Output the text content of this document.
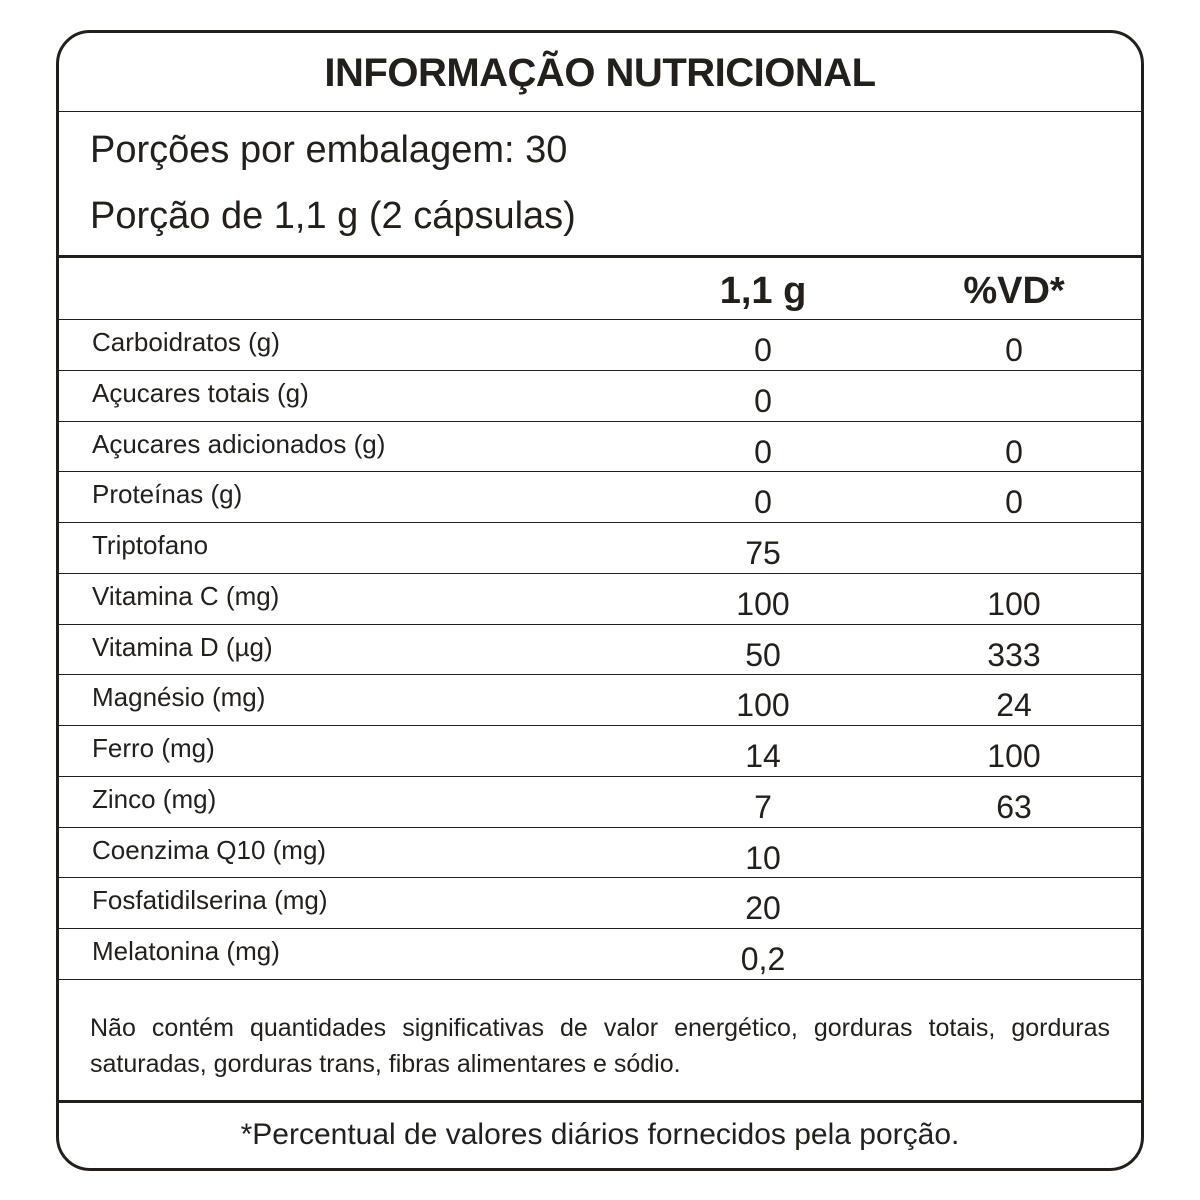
INFORMAÇÃO NUTRICIONAL
Porções por embalagem: 30
Porção de 1,1 g (2 cápsulas)
1,1 g	%VD*
Carboidratos (g)	0	0
Açucares totais (g)	0
Açucares adicionados (g)	0	0
Proteínas (g)	0	0
Triptofano	75
Vitamina C (mg)	100	100
Vitamina D (µg)	50	333
Magnésio (mg)	100	24
Ferro (mg)	14	100
Zinco (mg)	7	63
Coenzima Q10 (mg)	10
Fosfatidilserina (mg)	20
Melatonina (mg)	0,2
Não contém quantidades significativas de valor energético, gorduras totais, gorduras saturadas, gorduras trans, fibras alimentares e sódio.
*Percentual de valores diários fornecidos pela porção.
